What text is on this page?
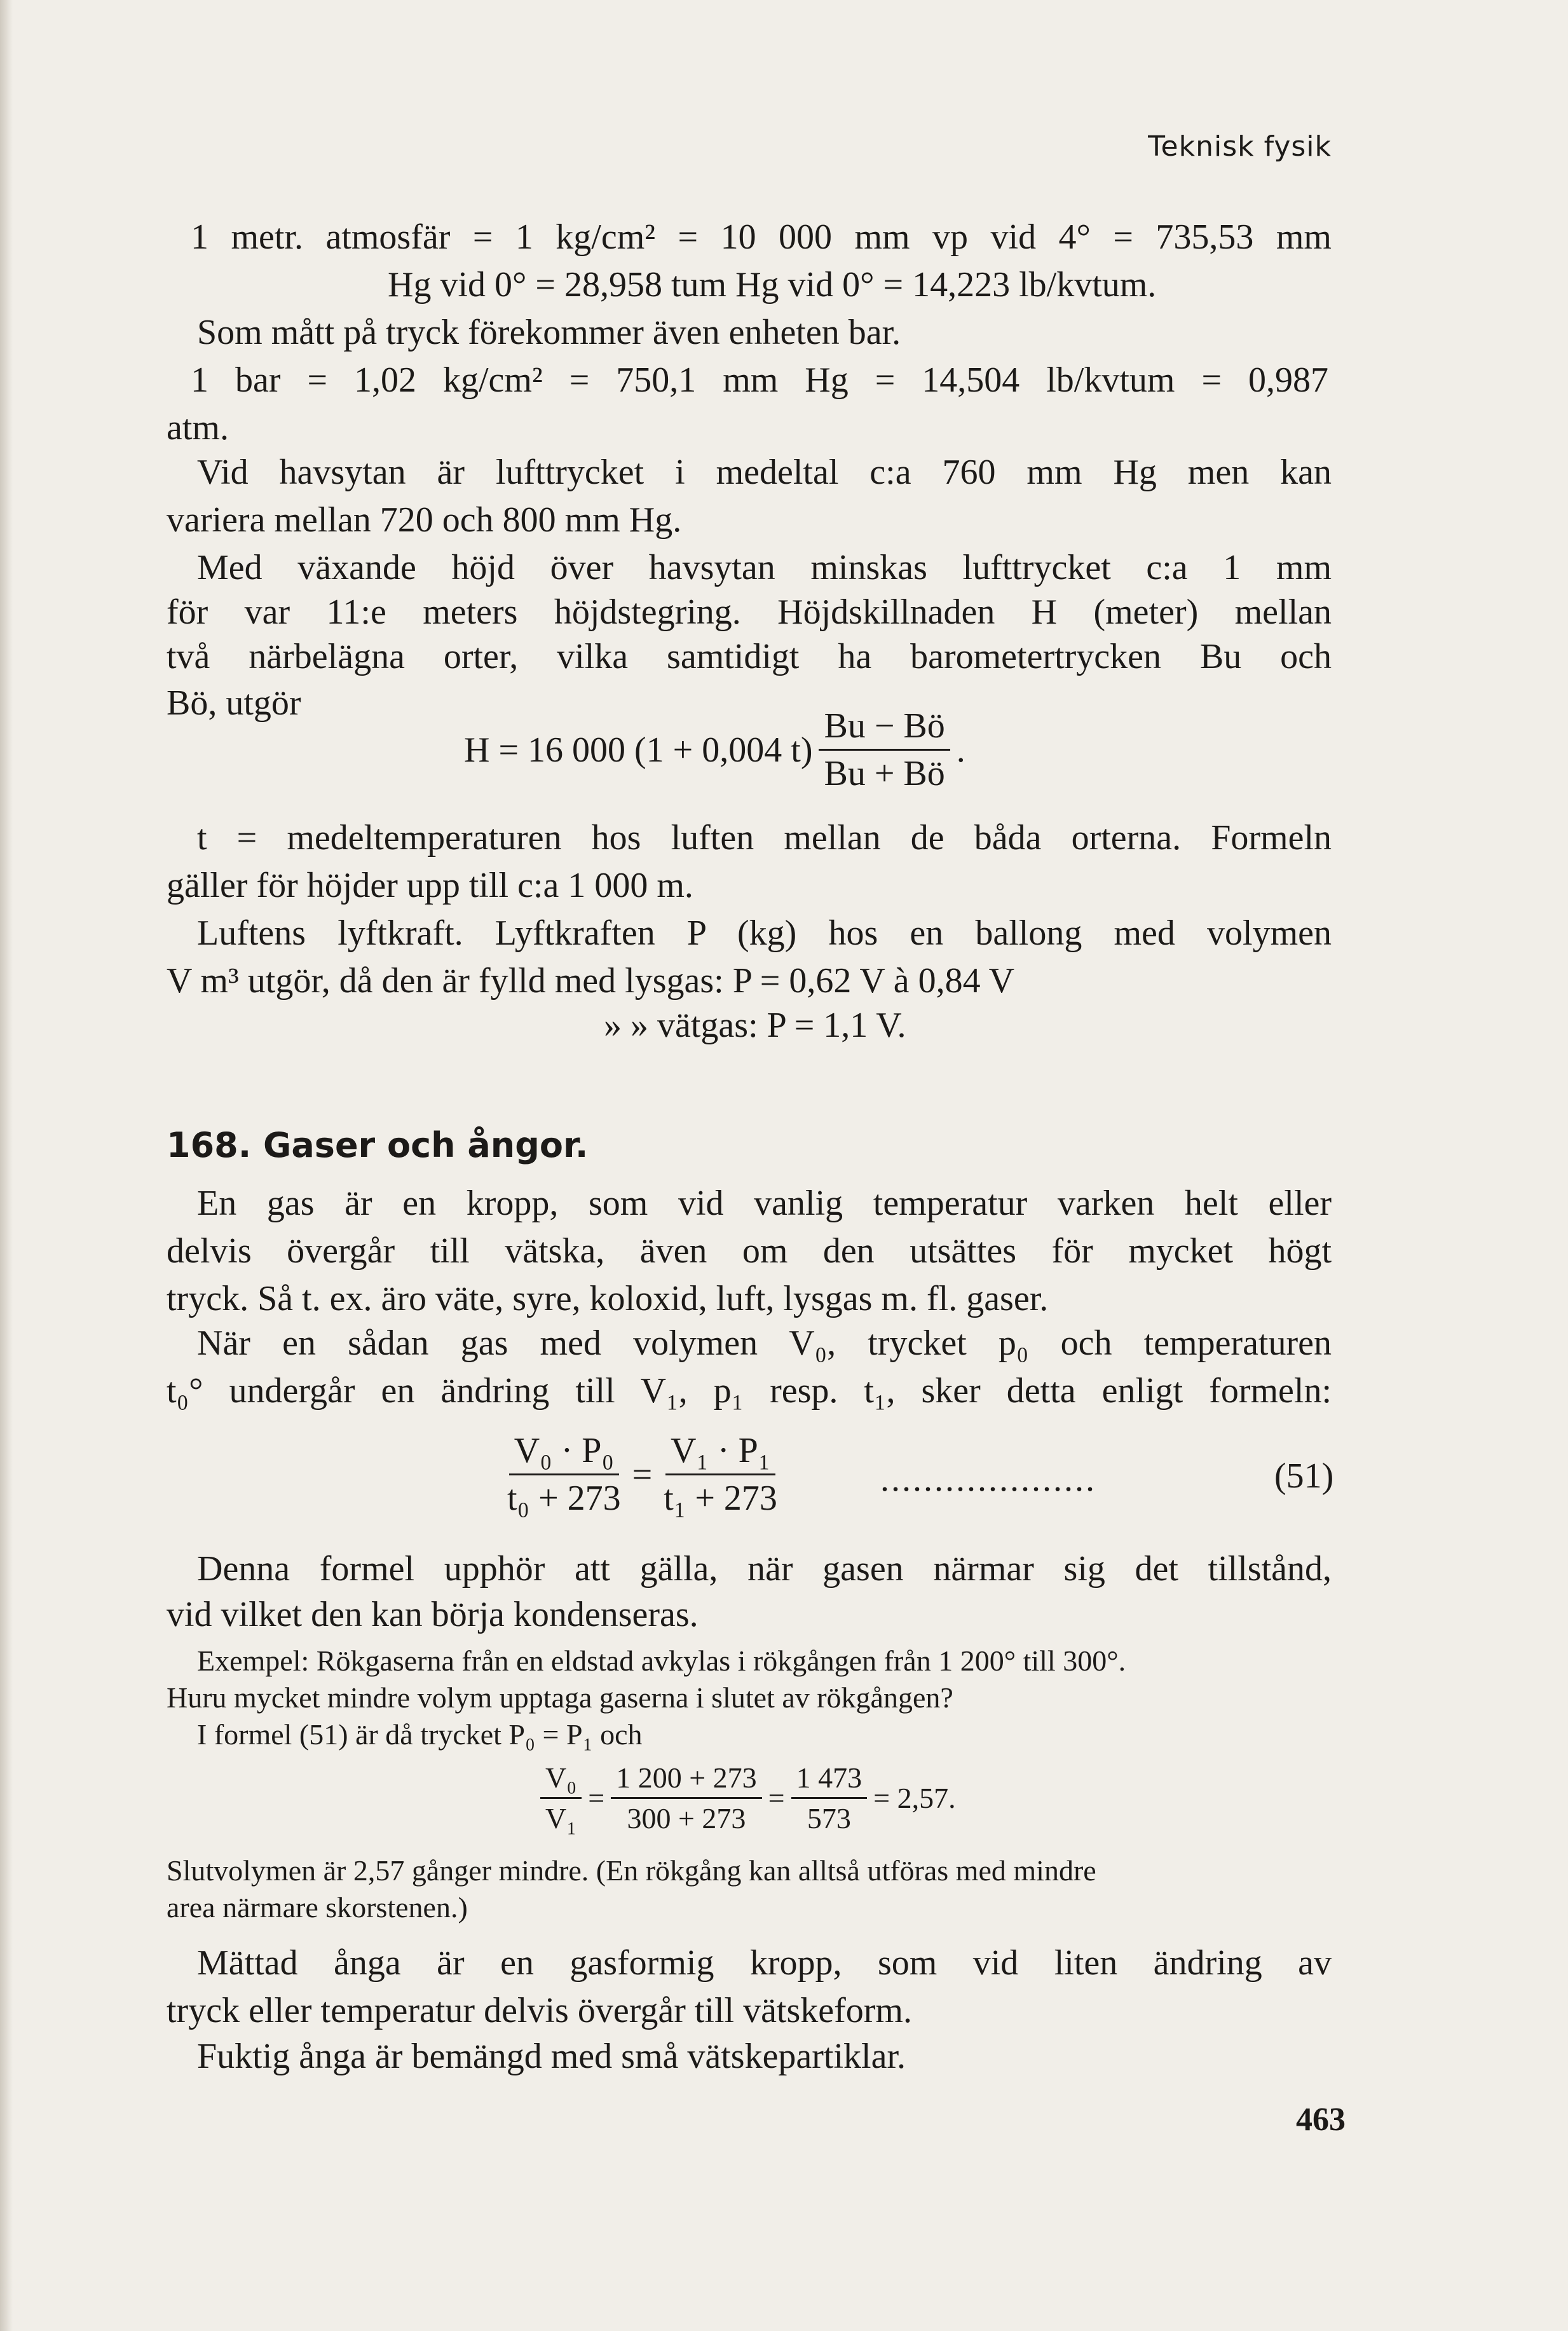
Teknisk fysik
1 metr. atmosfär = 1 kg/cm² = 10 000 mm vp vid 4° = 735,53 mm
Hg vid 0° = 28,958 tum Hg vid 0° = 14,223 lb/kvtum.
Som mått på tryck förekommer även enheten bar.
1 bar = 1,02 kg/cm² = 750,1 mm Hg = 14,504 lb/kvtum = 0,987
atm.
Vid havsytan är lufttrycket i medeltal c:a 760 mm Hg men kan
variera mellan 720 och 800 mm Hg.
Med växande höjd över havsytan minskas lufttrycket c:a 1 mm
för var 11:e meters höjdstegring. Höjdskillnaden H (meter) mellan
två närbelägna orter, vilka samtidigt ha barometertrycken Bu och
Bö, utgör
H = 16 000 (1 + 0,004 $t) \frac{Bu - Bö}{Bu + Bö}$ .
t = medeltemperaturen hos luften mellan de båda orterna. Formeln
gäller för höjder upp till c:a 1 000 m.
Luftens lyftkraft. Lyftkraften P (kg) hos en ballong med volymen
V m³ utgör, då den är fylld med lysgas: P = 0,62 V à 0,84 V
» » vätgas: P = 1,1 V.
168. Gaser och ångor.
En gas är en kropp, som vid vanlig temperatur varken helt eller
delvis övergår till vätska, även om den utsättes för mycket högt
tryck. Så t. ex. äro väte, syre, koloxid, luft, lysgas m. fl. gaser.
När en sådan gas med volymen V₀, trycket p₀ och temperaturen
t₀° undergår en ändring till V₁, p₁ resp. t₁, sker detta enligt formeln:
$\frac{\text{V₀ · P₀}}{\text{t₀ + 273}} = \frac{\text{V₁ · P₁}}{\text{t₁ + 273}}$	....................	(51)
Denna formel upphör att gälla, när gasen närmar sig det tillstånd,
vid vilket den kan börja kondenseras.
Exempel: Rökgaserna från en eldstad avkylas i rökgången från 1 200° till 300°.
Huru mycket mindre volym upptaga gaserna i slutet av rökgången?
I formel (51) är då trycket P₀ = P₁ och
$\frac{\text{V₀}}{\text{V₁}} = \frac{1 200 + 273}{300 + 273} = \frac{1 473}{573} = 2,57$.
Slutvolymen är 2,57 gånger mindre. (En rökgång kan alltså utföras med mindre
area närmare skorstenen.)
Mättad ånga är en gasformig kropp, som vid liten ändring av
tryck eller temperatur delvis övergår till vätskeform.
Fuktig ånga är bemängd med små vätskepartiklar.
463
